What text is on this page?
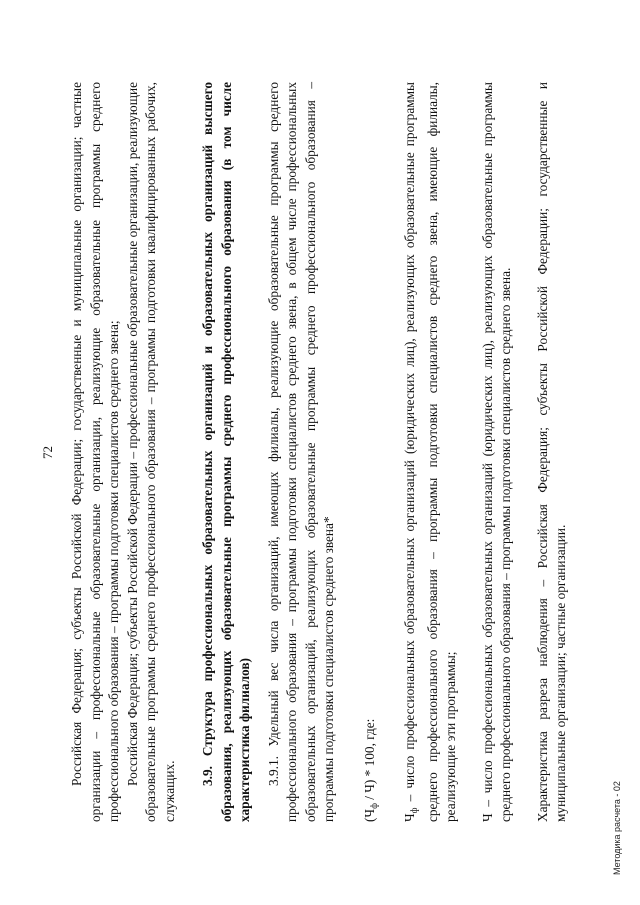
72 Российская Федерация; субъекты Российской Федерации; государственные и муниципальные организации; частные организации – профессиональные образовательные организации, реализующие образовательные программы среднего профессионального образования – программы подготовки специалистов среднего звена; Российская Федерация; субъекты Российской Федерации – профессиональные образовательные организации, реализующие образовательные программы среднего профессионального образования – программы подготовки квалифицированных рабочих, служащих.

3.9. Структура профессиональных образовательных организаций и образовательных организаций высшего образования, реализующих образовательные программы среднего профессионального образования (в том числе характеристика филиалов) 3.9.1. Удельный вес числа организаций, имеющих филиалы, реализующие образовательные программы среднего профессионального образования – программы подготовки специалистов среднего звена, в общем числе профессиональных образовательных организаций, реализующих образовательные программы среднего профессионального образования – программы подготовки специалистов среднего звена* $(Ч_ф / Ч) * 100$, где:

$Ч_ф$ – число профессиональных образовательных организаций (юридических лиц), реализующих образовательные программы среднего профессионального образования – программы подготовки специалистов среднего звена, имеющие филиалы, реализующие эти программы; Ч – число профессиональных образовательных организаций (юридических лиц), реализующих образовательные программы среднего профессионального образования – программы подготовки специалистов среднего звена. Характеристика разреза наблюдения – Российская Федерация; субъекты Российской Федерации; государственные и муниципальные организации; частные организации.

Методика расчета - 02
